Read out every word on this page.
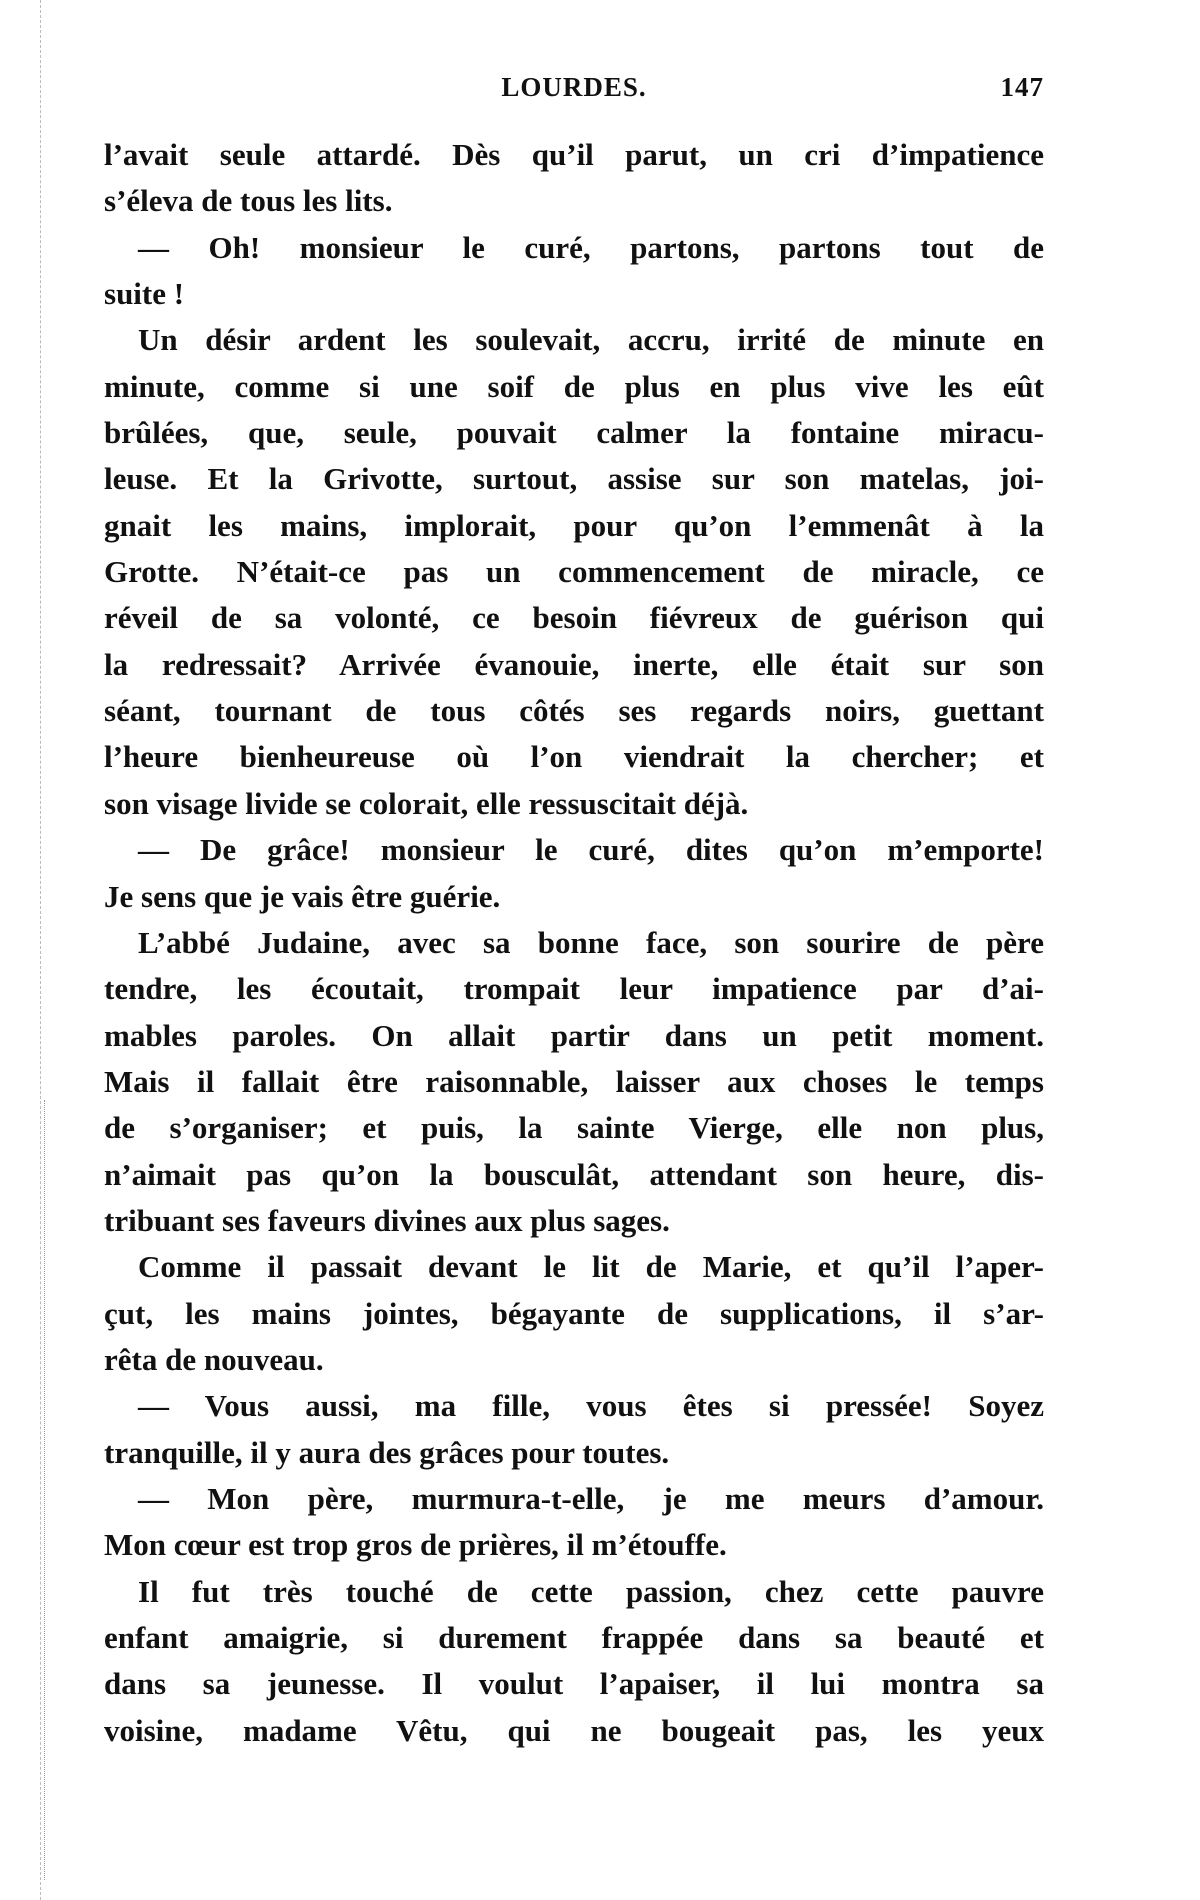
LOURDES.	147
l’avait seule attardé. Dès qu’il parut, un cri d’impatience
s’éleva de tous les lits.
— Oh! monsieur le curé, partons, partons tout de
suite !
Un désir ardent les soulevait, accru, irrité de minute en
minute, comme si une soif de plus en plus vive les eût
brûlées, que, seule, pouvait calmer la fontaine miracu-
leuse. Et la Grivotte, surtout, assise sur son matelas, joi-
gnait les mains, implorait, pour qu’on l’emmenât à la
Grotte. N’était-ce pas un commencement de miracle, ce
réveil de sa volonté, ce besoin fiévreux de guérison qui
la redressait? Arrivée évanouie, inerte, elle était sur son
séant, tournant de tous côtés ses regards noirs, guettant
l’heure bienheureuse où l’on viendrait la chercher; et
son visage livide se colorait, elle ressuscitait déjà.
— De grâce! monsieur le curé, dites qu’on m’emporte!
Je sens que je vais être guérie.
L’abbé Judaine, avec sa bonne face, son sourire de père
tendre, les écoutait, trompait leur impatience par d’ai-
mables paroles. On allait partir dans un petit moment.
Mais il fallait être raisonnable, laisser aux choses le temps
de s’organiser; et puis, la sainte Vierge, elle non plus,
n’aimait pas qu’on la bousculât, attendant son heure, dis-
tribuant ses faveurs divines aux plus sages.
Comme il passait devant le lit de Marie, et qu’il l’aper-
çut, les mains jointes, bégayante de supplications, il s’ar-
rêta de nouveau.
— Vous aussi, ma fille, vous êtes si pressée! Soyez
tranquille, il y aura des grâces pour toutes.
— Mon père, murmura-t-elle, je me meurs d’amour.
Mon cœur est trop gros de prières, il m’étouffe.
Il fut très touché de cette passion, chez cette pauvre
enfant amaigrie, si durement frappée dans sa beauté et
dans sa jeunesse. Il voulut l’apaiser, il lui montra sa
voisine, madame Vêtu, qui ne bougeait pas, les yeux
